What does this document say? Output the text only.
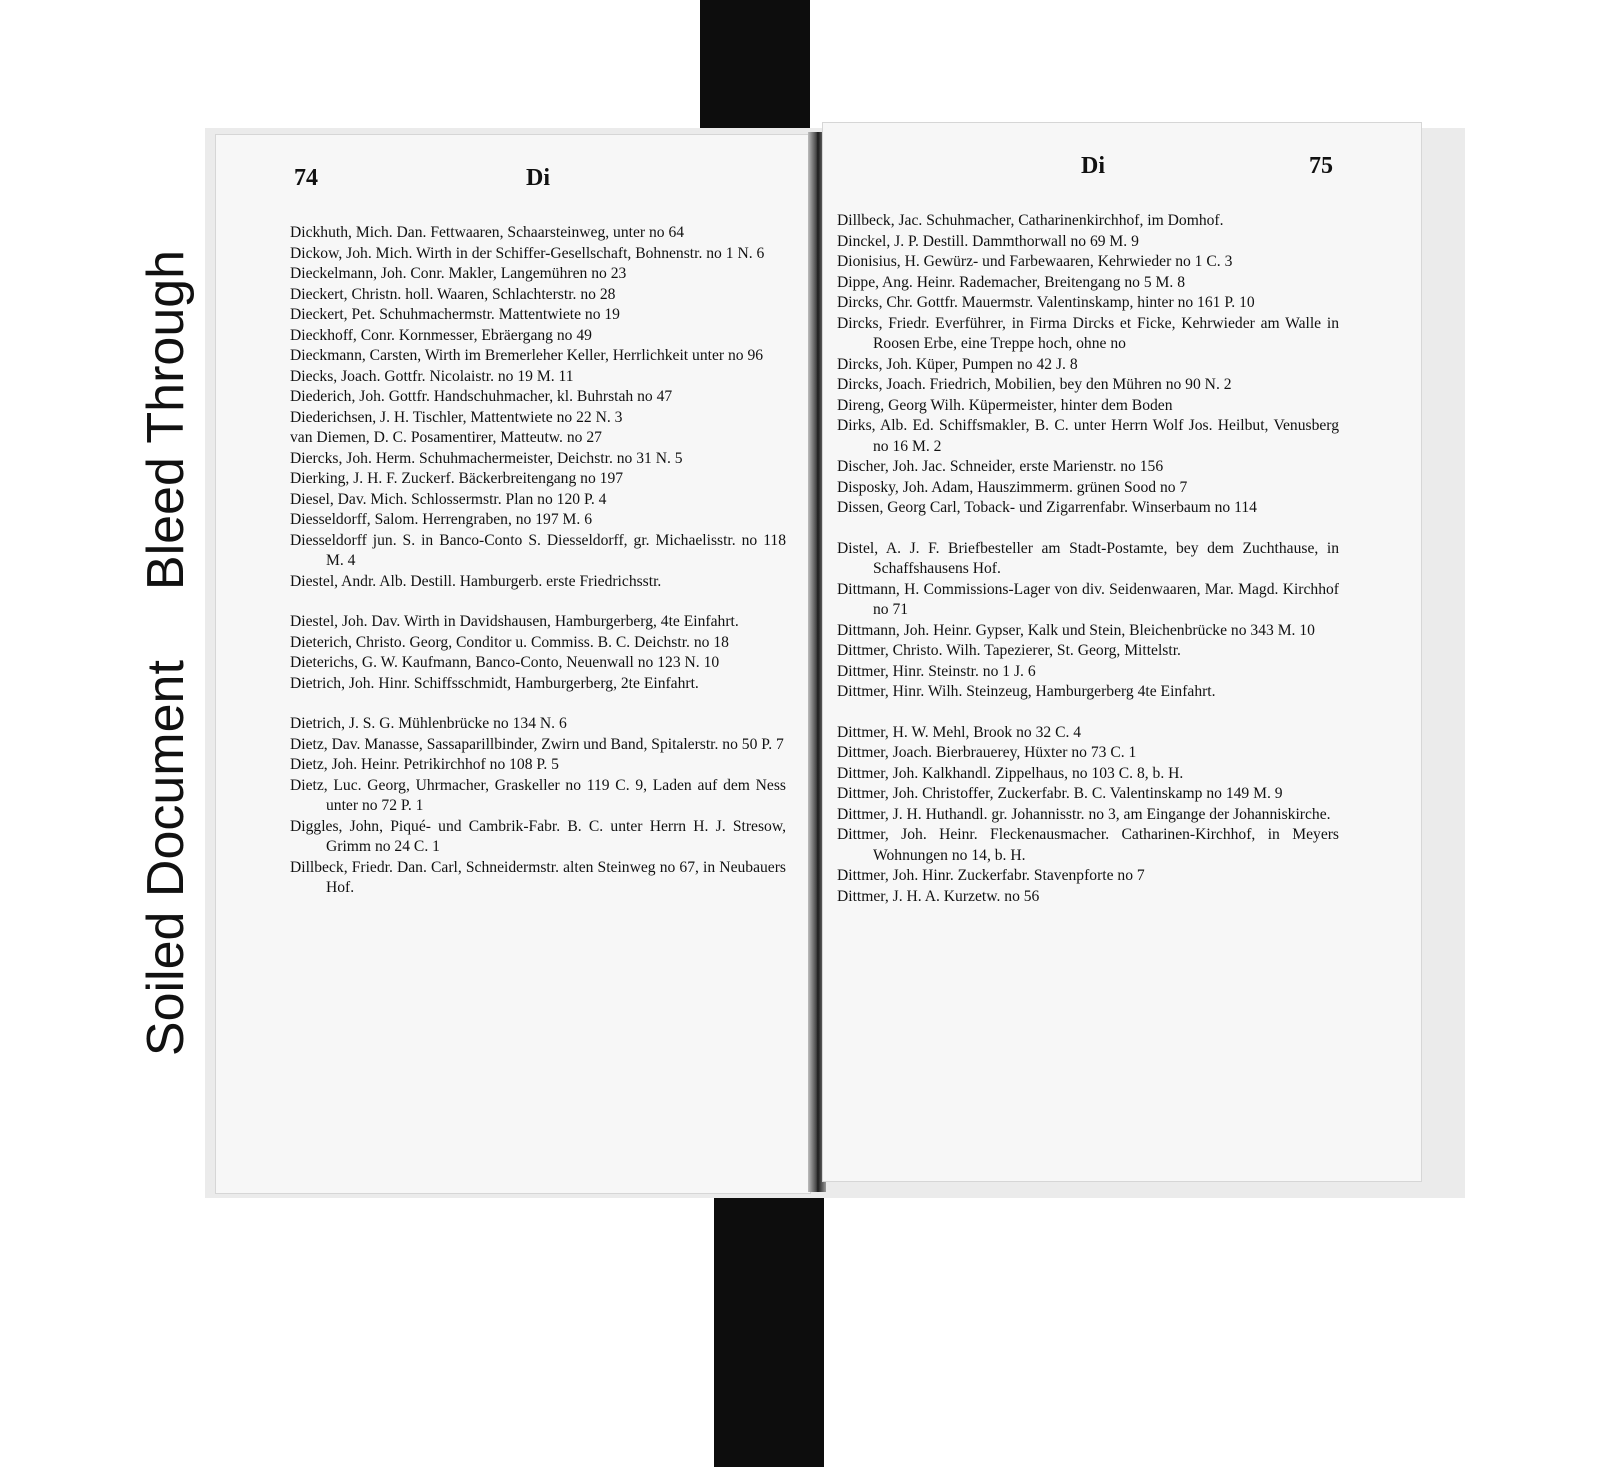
Soiled Document
Bleed Through
74	Di
Dickhuth, Mich. Dan. Fettwaaren, Schaarsteinweg, unter no 64
Dickow, Joh. Mich. Wirth in der Schiffer-Gesellschaft, Bohnenstr. no 1 N. 6
Dieckelmann, Joh. Conr. Makler, Langemühren no 23
Dieckert, Christn. holl. Waaren, Schlachterstr. no 28
Dieckert, Pet. Schuhmachermstr. Mattentwiete no 19
Dieckhoff, Conr. Kornmesser, Ebräergang no 49
Dieckmann, Carsten, Wirth im Bremerleher Keller, Herrlichkeit unter no 96
Diecks, Joach. Gottfr. Nicolaistr. no 19 M. 11
Diederich, Joh. Gottfr. Handschuhmacher, kl. Buhrstah no 47
Diederichsen, J. H. Tischler, Mattentwiete no 22 N. 3
van Diemen, D. C. Posamentirer, Matteutw. no 27
Diercks, Joh. Herm. Schuhmachermeister, Deichstr. no 31 N. 5
Dierking, J. H. F. Zuckerf. Bäckerbreitengang no 197
Diesel, Dav. Mich. Schlossermstr. Plan no 120 P. 4
Diesseldorff, Salom. Herrengraben, no 197 M. 6
Diesseldorff jun. S. in Banco-Conto S. Diesseldorff, gr. Michaelisstr. no 118 M. 4
Diestel, Andr. Alb. Destill. Hamburgerb. erste Friedrichsstr.
Diestel, Joh. Dav. Wirth in Davidshausen, Hamburgerberg, 4te Einfahrt.
Dieterich, Christo. Georg, Conditor u. Commiss. B. C. Deichstr. no 18
Dieterichs, G. W. Kaufmann, Banco-Conto, Neuenwall no 123 N. 10
Dietrich, Joh. Hinr. Schiffsschmidt, Hamburgerberg, 2te Einfahrt.
Dietrich, J. S. G. Mühlenbrücke no 134 N. 6
Dietz, Dav. Manasse, Sassaparillbinder, Zwirn und Band, Spitalerstr. no 50 P. 7
Dietz, Joh. Heinr. Petrikirchhof no 108 P. 5
Dietz, Luc. Georg, Uhrmacher, Graskeller no 119 C. 9, Laden auf dem Ness unter no 72 P. 1
Diggles, John, Piqué- und Cambrik-Fabr. B. C. unter Herrn H. J. Stresow, Grimm no 24 C. 1
Dillbeck, Friedr. Dan. Carl, Schneidermstr. alten Steinweg no 67, in Neubauers Hof.
Di	75
Dillbeck, Jac. Schuhmacher, Catharinenkirchhof, im Domhof.
Dinckel, J. P. Destill. Dammthorwall no 69 M. 9
Dionisius, H. Gewürz- und Farbewaaren, Kehrwieder no 1 C. 3
Dippe, Ang. Heinr. Rademacher, Breitengang no 5 M. 8
Dircks, Chr. Gottfr. Mauermstr. Valentinskamp, hinter no 161 P. 10
Dircks, Friedr. Everführer, in Firma Dircks et Ficke, Kehrwieder am Walle in Roosen Erbe, eine Treppe hoch, ohne no
Dircks, Joh. Küper, Pumpen no 42 J. 8
Dircks, Joach. Friedrich, Mobilien, bey den Mühren no 90 N. 2
Direng, Georg Wilh. Küpermeister, hinter dem Boden
Dirks, Alb. Ed. Schiffsmakler, B. C. unter Herrn Wolf Jos. Heilbut, Venusberg no 16 M. 2
Discher, Joh. Jac. Schneider, erste Marienstr. no 156
Disposky, Joh. Adam, Hauszimmerm. grünen Sood no 7
Dissen, Georg Carl, Toback- und Zigarrenfabr. Winserbaum no 114
Distel, A. J. F. Briefbesteller am Stadt-Postamte, bey dem Zuchthause, in Schaffshausens Hof.
Dittmann, H. Commissions-Lager von div. Seidenwaaren, Mar. Magd. Kirchhof no 71
Dittmann, Joh. Heinr. Gypser, Kalk und Stein, Bleichenbrücke no 343 M. 10
Dittmer, Christo. Wilh. Tapezierer, St. Georg, Mittelstr.
Dittmer, Hinr. Steinstr. no 1 J. 6
Dittmer, Hinr. Wilh. Steinzeug, Hamburgerberg 4te Einfahrt.
Dittmer, H. W. Mehl, Brook no 32 C. 4
Dittmer, Joach. Bierbrauerey, Hüxter no 73 C. 1
Dittmer, Joh. Kalkhandl. Zippelhaus, no 103 C. 8, b. H.
Dittmer, Joh. Christoffer, Zuckerfabr. B. C. Valentinskamp no 149 M. 9
Dittmer, J. H. Huthandl. gr. Johannisstr. no 3, am Eingange der Johanniskirche.
Dittmer, Joh. Heinr. Fleckenausmacher. Catharinen-Kirchhof, in Meyers Wohnungen no 14, b. H.
Dittmer, Joh. Hinr. Zuckerfabr. Stavenpforte no 7
Dittmer, J. H. A. Kurzetw. no 56
